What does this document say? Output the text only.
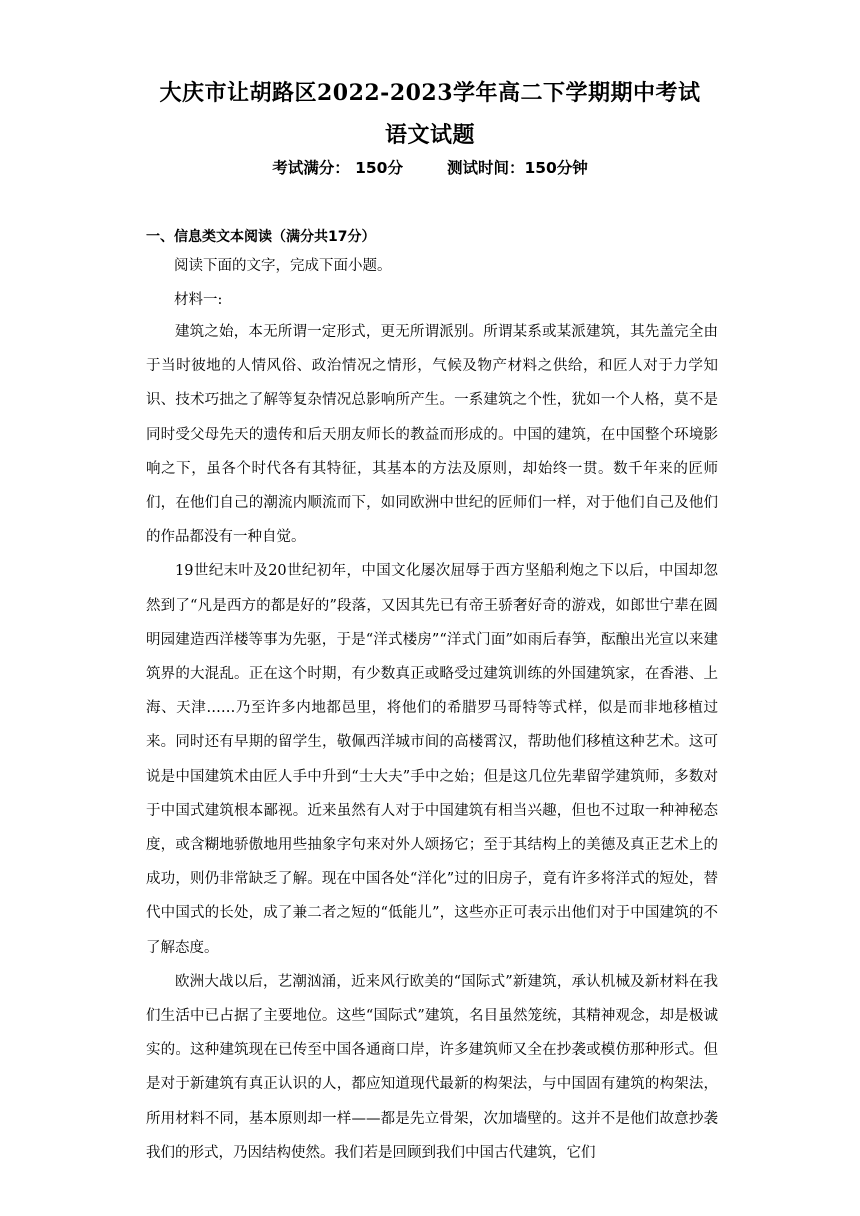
大庆市让胡路区2022-2023学年高二下学期期中考试
语文试题
考试满分： 150分	测试时间：150分钟
一、信息类文本阅读（满分共17分）
阅读下面的文字，完成下面小题。
材料一:

建筑之始，本无所谓一定形式，更无所谓派别。所谓某系或某派建筑，其先盖完全由于当时彼地的人情风俗、政治情况之情形，气候及物产材料之供给，和匠人对于力学知识、技术巧拙之了解等复杂情况总影响所产生。一系建筑之个性，犹如一个人格，莫不是同时受父母先天的遗传和后天朋友师长的教益而形成的。中国的建筑，在中国整个环境影响之下，虽各个时代各有其特征，其基本的方法及原则，却始终一贯。数千年来的匠师们，在他们自己的潮流内顺流而下，如同欧洲中世纪的匠师们一样，对于他们自己及他们的作品都没有一种自觉。

19世纪末叶及20世纪初年，中国文化屡次屈辱于西方坚船利炮之下以后，中国却忽然到了“凡是西方的都是好的”段落，又因其先已有帝王骄奢好奇的游戏，如郎世宁辈在圆明园建造西洋楼等事为先驱，于是“洋式楼房”“洋式门面”如雨后春笋，酝酿出光宣以来建筑界的大混乱。正在这个时期，有少数真正或略受过建筑训练的外国建筑家，在香港、上海、天津……乃至许多内地都邑里，将他们的希腊罗马哥特等式样，似是而非地移植过来。同时还有早期的留学生，敬佩西洋城市间的高楼霄汉，帮助他们移植这种艺术。这可说是中国建筑术由匠人手中升到“士大夫”手中之始；但是这几位先辈留学建筑师，多数对于中国式建筑根本鄙视。近来虽然有人对于中国建筑有相当兴趣，但也不过取一种神秘态度，或含糊地骄傲地用些抽象字句来对外人颂扬它；至于其结构上的美德及真正艺术上的成功，则仍非常缺乏了解。现在中国各处“洋化”过的旧房子，竟有许多将洋式的短处，替代中国式的长处，成了兼二者之短的“低能儿”，这些亦正可表示出他们对于中国建筑的不了解态度。

欧洲大战以后，艺潮汹涌，近来风行欧美的“国际式”新建筑，承认机械及新材料在我们生活中已占据了主要地位。这些“国际式”建筑，名目虽然笼统，其精神观念，却是极诚实的。这种建筑现在已传至中国各通商口岸，许多建筑师又全在抄袭或模仿那种形式。但是对于新建筑有真正认识的人，都应知道现代最新的构架法，与中国固有建筑的构架法，所用材料不同，基本原则却一样——都是先立骨架，次加墙壁的。这并不是他们故意抄袭我们的形式，乃因结构使然。我们若是回顾到我们中国古代建筑，它们
